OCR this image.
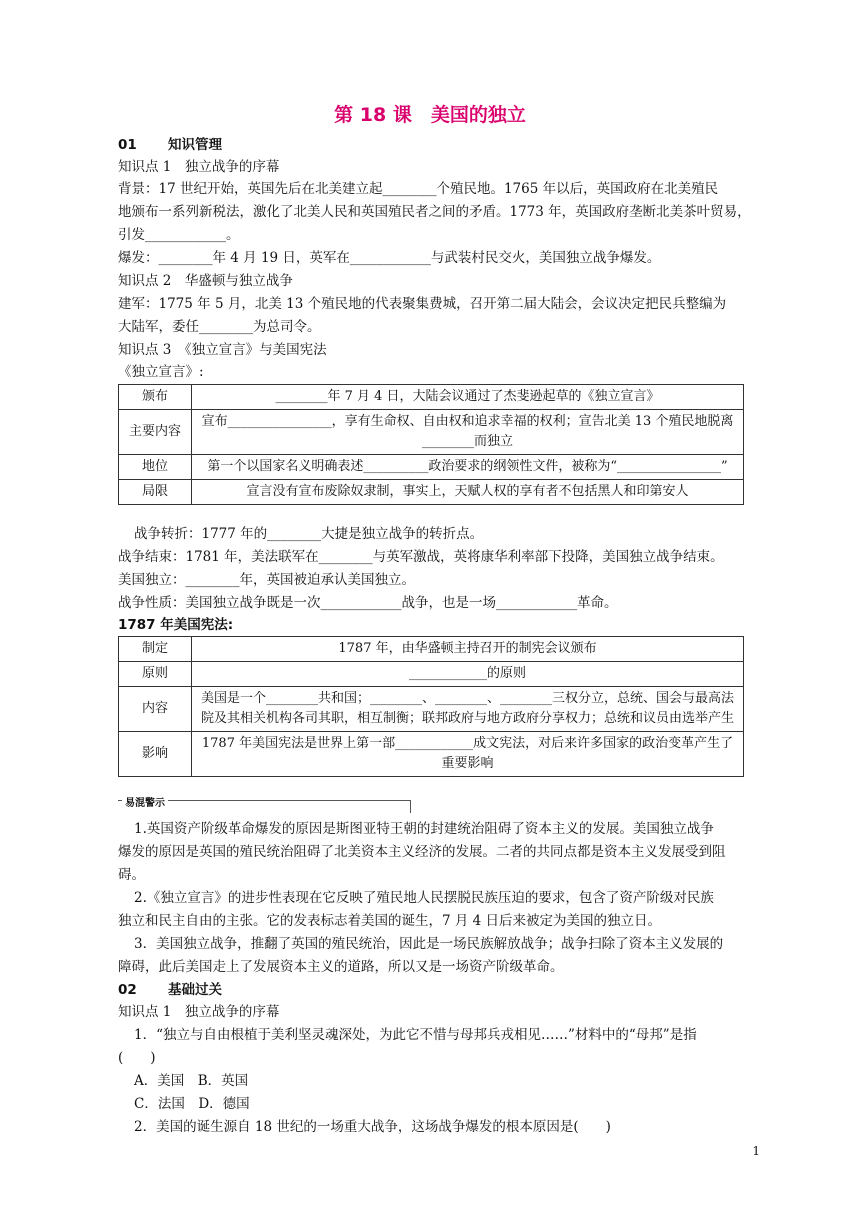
第 18 课　美国的独立
01 知识管理
知识点 1　独立战争的序幕
背景：17 世纪开始，英国先后在北美建立起________个殖民地。1765 年以后，英国政府在北美殖民
地颁布一系列新税法，激化了北美人民和英国殖民者之间的矛盾。1773 年，英国政府垄断北美茶叶贸易，
引发____________。
爆发：________年 4 月 19 日，英军在____________与武装村民交火，美国独立战争爆发。
知识点 2　华盛顿与独立战争
建军：1775 年 5 月，北美 13 个殖民地的代表聚集费城，召开第二届大陆会，会议决定把民兵整编为
大陆军，委任________为总司令。
知识点 3　《独立宣言》与美国宪法
《独立宣言》:
颁布	________年 7 月 4 日，大陆会议通过了杰斐逊起草的《独立宣言》
主要内容	宣布________________，享有生命权、自由权和追求幸福的权利；宣告北美 13 个殖民地脱离________而独立
地位	第一个以国家名义明确表述__________政治要求的纲领性文件，被称为“________________”
局限	宣言没有宣布废除奴隶制，事实上，天赋人权的享有者不包括黑人和印第安人
战争转折：1777 年的________大捷是独立战争的转折点。
战争结束：1781 年，美法联军在________与英军激战，英将康华利率部下投降，美国独立战争结束。
美国独立：________年，英国被迫承认美国独立。
战争性质：美国独立战争既是一次____________战争，也是一场____________革命。
1787 年美国宪法:
制定	1787 年，由华盛顿主持召开的制宪会议颁布
原则	____________的原则
内容	美国是一个________共和国；________、________、________三权分立，总统、国会与最高法院及其相关机构各司其职，相互制衡；联邦政府与地方政府分享权力；总统和议员由选举产生
影响	1787 年美国宪法是世界上第一部____________成文宪法，对后来许多国家的政治变革产生了重要影响
易混警示
1.英国资产阶级革命爆发的原因是斯图亚特王朝的封建统治阻碍了资本主义的发展。美国独立战争
爆发的原因是英国的殖民统治阻碍了北美资本主义经济的发展。二者的共同点都是资本主义发展受到阻
碍。
2.《独立宣言》的进步性表现在它反映了殖民地人民摆脱民族压迫的要求，包含了资产阶级对民族
独立和民主自由的主张。它的发表标志着美国的诞生，7 月 4 日后来被定为美国的独立日。
3．美国独立战争，推翻了英国的殖民统治，因此是一场民族解放战争；战争扫除了资本主义发展的
障碍，此后美国走上了发展资本主义的道路，所以又是一场资产阶级革命。
02 基础过关
知识点 1　独立战争的序幕
1．“独立与自由根植于美利坚灵魂深处，为此它不惜与母邦兵戎相见……”材料中的“母邦”是指
(　　)
A．美国　B．英国
C．法国　D．德国
2．美国的诞生源自 18 世纪的一场重大战争，这场战争爆发的根本原因是(　　)
1
